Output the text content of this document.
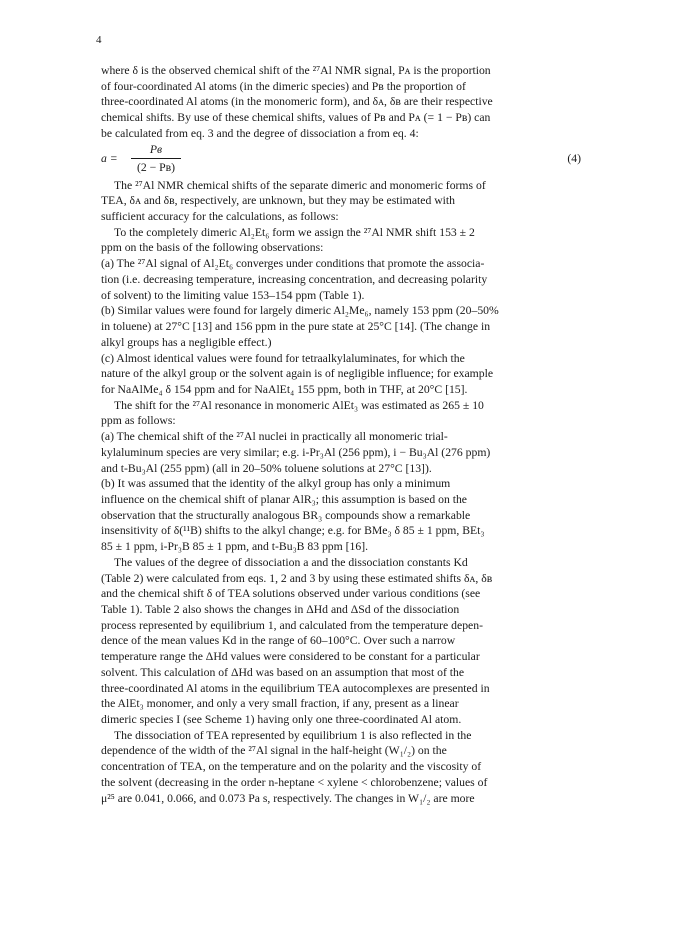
4
where δ is the observed chemical shift of the ²⁷Al NMR signal, Pᴀ is the proportion
of four-coordinated Al atoms (in the dimeric species) and Pв the proportion of
three-coordinated Al atoms (in the monomeric form), and δᴀ, δв are their respective
chemical shifts. By use of these chemical shifts, values of Pв and Pᴀ (= 1 − Pв) can
be calculated from eq. 3 and the degree of dissociation a from eq. 4:
a =
Pв
(2 − Pв)
(4)
The ²⁷Al NMR chemical shifts of the separate dimeric and monomeric forms of
TEA, δᴀ and δв, respectively, are unknown, but they may be estimated with
sufficient accuracy for the calculations, as follows:
To the completely dimeric Al₂Et₆ form we assign the ²⁷Al NMR shift 153 ± 2
ppm on the basis of the following observations:
(a) The ²⁷Al signal of Al₂Et₆ converges under conditions that promote the associa-
tion (i.e. decreasing temperature, increasing concentration, and decreasing polarity
of solvent) to the limiting value 153–154 ppm (Table 1).
(b) Similar values were found for largely dimeric Al₂Me₆, namely 153 ppm (20–50%
in toluene) at 27°C [13] and 156 ppm in the pure state at 25°C [14]. (The change in
alkyl groups has a negligible effect.)
(c) Almost identical values were found for tetraalkylaluminates, for which the
nature of the alkyl group or the solvent again is of negligible influence; for example
for NaAlMe₄ δ 154 ppm and for NaAlEt₄ 155 ppm, both in THF, at 20°C [15].
The shift for the ²⁷Al resonance in monomeric AlEt₃ was estimated as 265 ± 10
ppm as follows:
(a) The chemical shift of the ²⁷Al nuclei in practically all monomeric trial-
kylaluminum species are very similar; e.g. i-Pr₃Al (256 ppm), i − Bu₃Al (276 ppm)
and t-Bu₃Al (255 ppm) (all in 20–50% toluene solutions at 27°C [13]).
(b) It was assumed that the identity of the alkyl group has only a minimum
influence on the chemical shift of planar AlR₃; this assumption is based on the
observation that the structurally analogous BR₃ compounds show a remarkable
insensitivity of δ(¹¹B) shifts to the alkyl change; e.g. for BMe₃ δ 85 ± 1 ppm, BEt₃
85 ± 1 ppm, i-Pr₃B 85 ± 1 ppm, and t-Bu₃B 83 ppm [16].
The values of the degree of dissociation a and the dissociation constants Kd
(Table 2) were calculated from eqs. 1, 2 and 3 by using these estimated shifts δᴀ, δв
and the chemical shift δ of TEA solutions observed under various conditions (see
Table 1). Table 2 also shows the changes in ΔHd and ΔSd of the dissociation
process represented by equilibrium 1, and calculated from the temperature depen-
dence of the mean values Kd in the range of 60–100°C. Over such a narrow
temperature range the ΔHd values were considered to be constant for a particular
solvent. This calculation of ΔHd was based on an assumption that most of the
three-coordinated Al atoms in the equilibrium TEA autocomplexes are presented in
the AlEt₃ monomer, and only a very small fraction, if any, present as a linear
dimeric species I (see Scheme 1) having only one three-coordinated Al atom.
The dissociation of TEA represented by equilibrium 1 is also reflected in the
dependence of the width of the ²⁷Al signal in the half-height (W₁/₂) on the
concentration of TEA, on the temperature and on the polarity and the viscosity of
the solvent (decreasing in the order n-heptane < xylene < chlorobenzene; values of
μ²⁵ are 0.041, 0.066, and 0.073 Pa s, respectively. The changes in W₁/₂ are more
